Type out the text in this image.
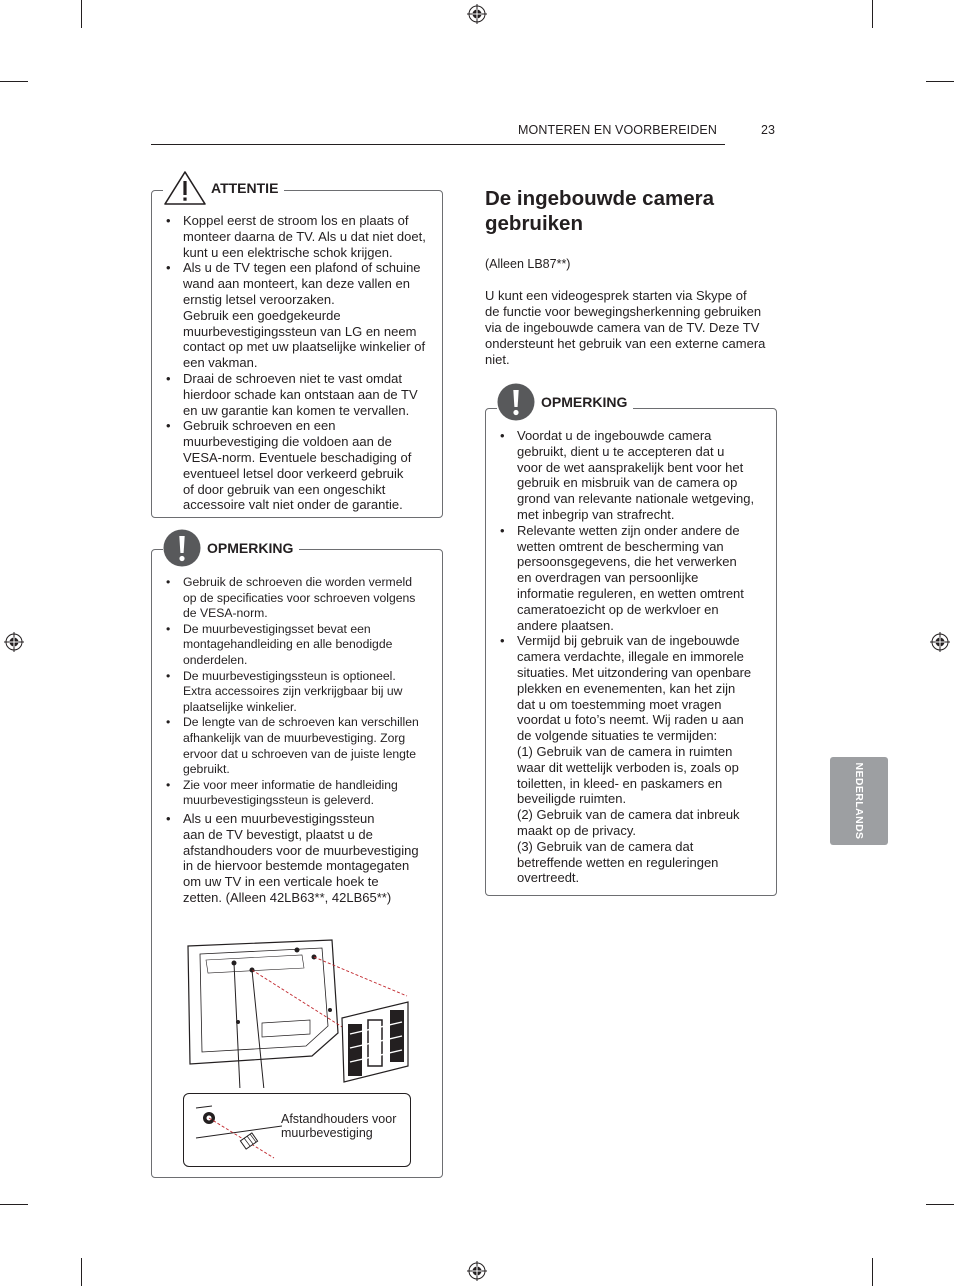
MONTEREN EN VOORBEREIDEN	23
• Koppel eerst de stroom los en plaats of
monteer daarna de TV. Als u dat niet doet,
kunt u een elektrische schok krijgen.
• Als u de TV tegen een plafond of schuine
wand aan monteert, kan deze vallen en
ernstig letsel veroorzaken.
Gebruik een goedgekeurde
muurbevestigingssteun van LG en neem
contact op met uw plaatselijke winkelier of
een vakman.
• Draai de schroeven niet te vast omdat
hierdoor schade kan ontstaan aan de TV
en uw garantie kan komen te vervallen.
• Gebruik schroeven en een
muurbevestiging die voldoen aan de
VESA-norm. Eventuele beschadiging of
eventueel letsel door verkeerd gebruik
of door gebruik van een ongeschikt
accessoire valt niet onder de garantie.
ATTENTIE
• Gebruik de schroeven die worden vermeld
op de specificaties voor schroeven volgens
de VESA-norm.
• De muurbevestigingsset bevat een
montagehandleiding en alle benodigde
onderdelen.
• De muurbevestigingssteun is optioneel.
Extra accessoires zijn verkrijgbaar bij uw
plaatselijke winkelier.
• De lengte van de schroeven kan verschillen
afhankelijk van de muurbevestiging. Zorg
ervoor dat u schroeven van de juiste lengte
gebruikt.
• Zie voor meer informatie de handleiding
muurbevestigingssteun is geleverd.
• Als u een muurbevestigingssteun
aan de TV bevestigt, plaatst u de
afstandhouders voor de muurbevestiging
in de hiervoor bestemde montagegaten
om uw TV in een verticale hoek te
zetten. (Alleen 42LB63**, 42LB65**)
Afstandhouders voor muurbevestiging
OPMERKING
De ingebouwde camera gebruiken
(Alleen LB87**)
U kunt een videogesprek starten via Skype of
de functie voor bewegingsherkenning gebruiken
via de ingebouwde camera van de TV. Deze TV
ondersteunt het gebruik van een externe camera
niet.
• Voordat u de ingebouwde camera
gebruikt, dient u te accepteren dat u
voor de wet aansprakelijk bent voor het
gebruik en misbruik van de camera op
grond van relevante nationale wetgeving,
met inbegrip van strafrecht.
• Relevante wetten zijn onder andere de
wetten omtrent de bescherming van
persoonsgegevens, die het verwerken
en overdragen van persoonlijke
informatie reguleren, en wetten omtrent
cameratoezicht op de werkvloer en
andere plaatsen.
• Vermijd bij gebruik van de ingebouwde
camera verdachte, illegale en immorele
situaties. Met uitzondering van openbare
plekken en evenementen, kan het zijn
dat u om toestemming moet vragen
voordat u foto’s neemt. Wij raden u aan
de volgende situaties te vermijden:
(1) Gebruik van de camera in ruimten
waar dit wettelijk verboden is, zoals op
toiletten, in kleed- en paskamers en
beveiligde ruimten.
(2) Gebruik van de camera dat inbreuk
maakt op de privacy.
(3) Gebruik van de camera dat
betreffende wetten en reguleringen
overtreedt.
OPMERKING
NEDERLANDS
